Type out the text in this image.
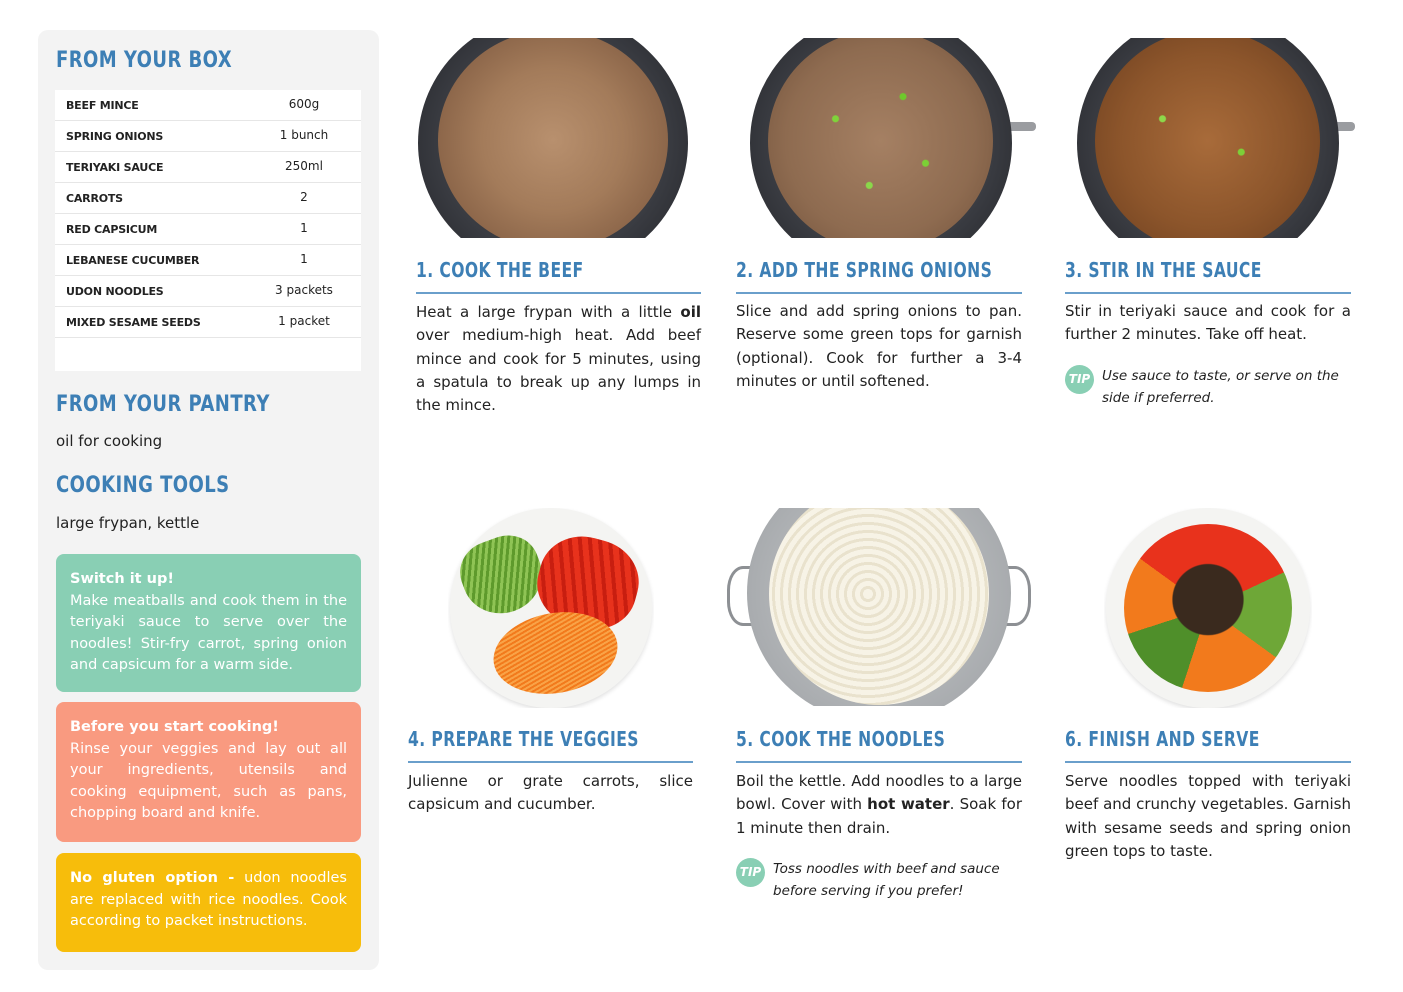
FROM YOUR BOX
BEEF MINCE	600g
SPRING ONIONS	1 bunch
TERIYAKI SAUCE	250ml
CARROTS	2
RED CAPSICUM	1
LEBANESE CUCUMBER	1
UDON NOODLES	3 packets
MIXED SESAME SEEDS	1 packet
FROM YOUR PANTRY
oil for cooking
COOKING TOOLS
large frypan, kettle
Switch it up!
Make meatballs and cook them in the teriyaki sauce to serve over the noodles! Stir-fry carrot, spring onion and capsicum for a warm side.
Before you start cooking!
Rinse your veggies and lay out all your ingredients, utensils and cooking equipment, such as pans, chopping board and knife.
No gluten option - udon noodles are replaced with rice noodles. Cook according to packet instructions.
1. COOK THE BEEF
Heat a large frypan with a little oil over medium-high heat. Add beef mince and cook for 5 minutes, using a spatula to break up any lumps in the mince.
2. ADD THE SPRING ONIONS
Slice and add spring onions to pan. Reserve some green tops for garnish (optional). Cook for further a 3-4 minutes or until softened.
3. STIR IN THE SAUCE
Stir in teriyaki sauce and cook for a further 2 minutes. Take off heat.
TIP Use sauce to taste, or serve on the side if preferred.
4. PREPARE THE VEGGIES
Julienne or grate carrots, slice capsicum and cucumber.
5. COOK THE NOODLES
Boil the kettle. Add noodles to a large bowl. Cover with hot water. Soak for 1 minute then drain.
TIP Toss noodles with beef and sauce before serving if you prefer!
6. FINISH AND SERVE
Serve noodles topped with teriyaki beef and crunchy vegetables. Garnish with sesame seeds and spring onion green tops to taste.
